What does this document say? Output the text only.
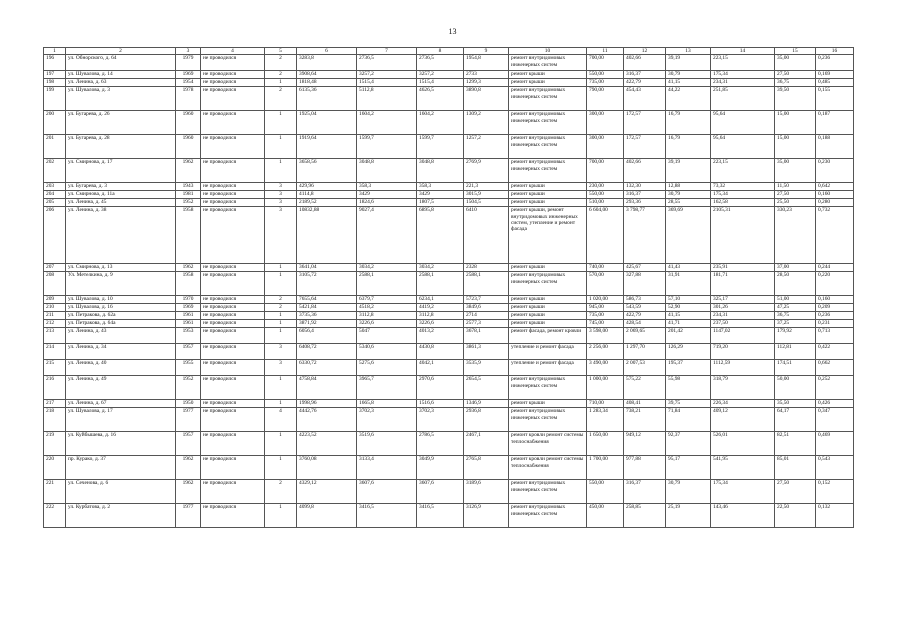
13
1	2	3	4	5	6	7	8	9	10	11	12	13	14	15	16
196	ул. Обнорского, д. 64	1979	не проводился	2	3283,8	2736,5	2736,5	1954,8	ремонт внутридомовых инженерных систем	700,00	402,66	39,19	223,15	35,00	0,236
197	ул. Шувалова, д. 14	1969	не проводился	2	3908,64	3257,2	3257,2	2733	ремонт крыши	550,00	316,37	30,79	175,34	27,50	0,169
198	ул. Ленина, д. 63	1954	не проводился	1	1818,48	1515,4	1515,4	1299,3	ремонт крыши	735,00	422,79	41,15	234,31	36,75	0,485
199	ул. Шувалова, д. 3	1978	не проводился	2	6135,36	5112,8	4626,5	3890,8	ремонт внутридомовых инженерных систем	790,00	454,43	44,22	251,85	39,50	0,155
200	ул. Бугарева, д. 26	1960	не проводился	1	1925,04	1604,2	1604,2	1309,2	ремонт внутридомовых инженерных систем	300,00	172,57	16,79	95,64	15,00	0,187
201	ул. Бугарева, д. 28	1960	не проводился	1	1919,64	1599,7	1599,7	1257,2	ремонт внутридомовых инженерных систем	300,00	172,57	16,79	95,64	15,00	0,188
202	ул. Смирнова, д. 17	1962	не проводился	1	3658,56	3048,8	3048,8	2769,9	ремонт внутридомовых инженерных систем	700,00	402,66	39,19	223,15	35,00	0,230
203	ул. Бугарева, д. 3	1943	не проводился	3	429,96	358,3	358,3	221,3	ремонт крыши	230,00	132,30	12,88	73,32	11,50	0,642
204	ул. Смирнова, д. 11а	1981	не проводился	3	4114,8	3429	3429	3015,9	ремонт крыши	550,00	316,37	30,79	175,34	27,50	0,160
205	ул. Ленина, д. 45	1952	не проводился	3	2189,52	1824,6	1807,5	1504,5	ремонт крыши	510,00	293,36	28,55	162,58	25,50	0,280
206	ул. Ленина, д. 38	1958	не проводился	3	10832,88	9027,4	6895,8	6410	ремонт крыши, ремонт внутридомовых инженерных систем, утепление и ремонт фасада	6 604,00	3 798,77	369,69	2105,31	330,23	0,732
207	ул. Смирнова, д. 13	1962	не проводился	1	3641,04	3034,2	3034,2	2328	ремонт крыши	740,00	425,67	41,43	235,91	37,00	0,244
208	Ул. Метелкина, д. 9	1958	не проводился	1	3105,72	2588,1	2588,1	2588,1	ремонт внутридомовых инженерных систем	570,00	327,88	31,91	181,71	28,50	0,220
209	ул. Шувалова, д. 10	1970	не проводился	2	7655,64	6379,7	6234,1	5723,7	ремонт крыши	1 020,00	586,73	57,10	325,17	51,00	0,160
210	ул. Шувалова, д. 16	1969	не проводился	2	5421,84	4518,2	4419,2	3849,6	ремонт крыши	945,00	543,59	52,90	301,26	47,25	0,209
211	ул. Петракова, д. 62а	1961	не проводился	1	3735,36	3112,8	3112,8	2714	ремонт крыши	735,00	422,79	41,15	234,31	36,75	0,236
212	ул. Петракова, д. 64а	1961	не проводился	1	3871,92	3226,6	3226,6	2577,3	ремонт крыши	745,00	428,54	41,71	237,50	37,25	0,231
213	ул. Ленина, д. 43	1953	не проводился	1	6056,4	5047	4013,2	3678,1	ремонт фасада, ремонт кровли	3 598,00	2 069,65	201,42	1147,02	179,92	0,713
214	ул. Ленина, д. 34	1957	не проводился	3	6408,72	5340,6	4430,8	3861,3	утепление и ремонт фасада	2 256,00	1 297,70	126,29	719,20	112,81	0,422
215	ул. Ленина, д. 40	1955	не проводился	3	6330,72	5275,6	4042,1	3535,9	утепление и ремонт фасада	3 490,00	2 007,53	195,37	1112,59	174,51	0,662
216	ул. Ленина, д. 49	1952	не проводился	1	4758,84	3965,7	2970,6	2654,5	ремонт внутридомовых инженерных систем	1 000,00	575,22	55,98	318,79	50,00	0,252
217	ул. Ленина, д. 67	1950	не проводился	1	1998,96	1665,8	1516,6	1346,9	ремонт крыши	710,00	408,41	39,75	226,34	35,50	0,426
218	ул. Шувалова, д. 17	1977	не проводился	4	4442,76	3702,3	3702,3	2936,8	ремонт внутридомовых инженерных систем	1 283,34	738,21	71,84	409,12	64,17	0,347
219	ул. Куйбышева, д. 16	1957	не проводился	1	4223,52	3519,6	2786,5	2467,1	ремонт кровли ремонт системы теплоснабжения	1 650,00	949,12	92,37	526,01	82,51	0,469
220	пр. Курако, д. 37	1962	не проводился	1	3760,08	3133,4	3049,9	2765,8	ремонт кровли ремонт системы теплоснабжения	1 700,00	977,88	95,17	541,95	85,01	0,543
221	ул. Сеченова, д. 6	1962	не проводился	2	4329,12	3607,6	3607,6	3189,6	ремонт внутридомовых инженерных систем	550,00	316,37	30,79	175,34	27,50	0,152
222	ул. Курбатова, д. 2	1977	не проводился	1	4099,8	3416,5	3416,5	3126,9	ремонт внутридомовых инженерных систем	450,00	258,85	25,19	143,46	22,50	0,132
